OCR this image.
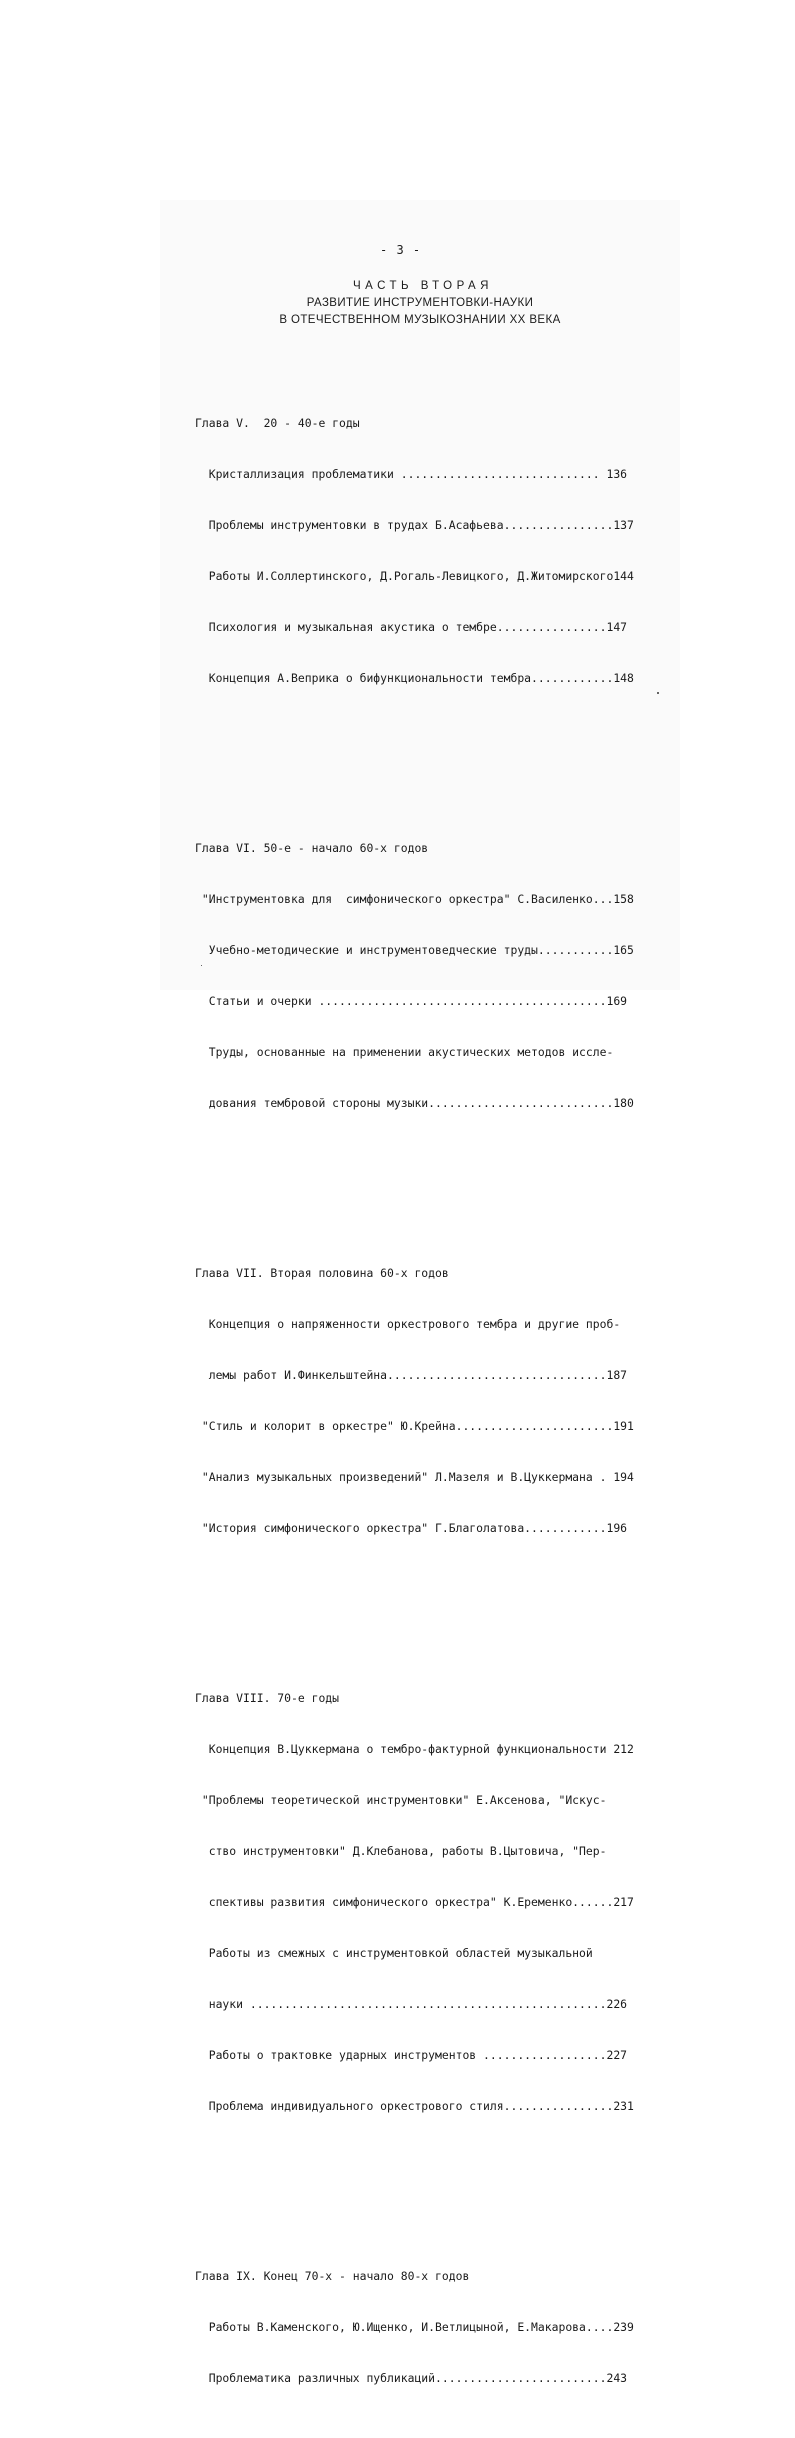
- 3 -
ЧАСТЬ ВТОРАЯ
РАЗВИТИЕ ИНСТРУМЕНТОВКИ-НАУКИ
В ОТЕЧЕСТВЕННОМ МУЗЫКОЗНАНИИ XX ВЕКА

Глава V.  20 - 40-е годы

Кристаллизация проблематики ............................. 136

Проблемы инструментовки в трудах Б.Асафьева................137

Работы И.Соллертинского, Д.Рогаль-Левицкого, Д.Житомирского144

Психология и музыкальная акустика о тембре................147

Концепция А.Веприка о бифункциональности тембра............148

Глава VI. 50-е - начало 60-х годов

"Инструментовка для  симфонического оркестра" С.Василенко...158

Учебно-методические и инструментоведческие труды...........165

Статьи и очерки ..........................................169

Труды, основанные на применении акустических методов иссле-

дования тембровой стороны музыки...........................180

Глава VII. Вторая половина 60-х годов

Концепция о напряженности оркестрового тембра и другие проб-

лемы работ И.Финкельштейна................................187

"Стиль и колорит в оркестре" Ю.Крейна.......................191

"Анализ музыкальных произведений" Л.Мазеля и В.Цуккермана . 194

"История симфонического оркестра" Г.Благолатова............196

Глава VIII. 70-е годы

Концепция В.Цуккермана о тембро-фактурной функциональности 212

"Проблемы теоретической инструментовки" Е.Аксенова, "Искус-

ство инструментовки" Д.Клебанова, работы В.Цытовича, "Пер-

спективы развития симфонического оркестра" К.Еременко......217

Работы из смежных с инструментовкой областей музыкальной

науки ....................................................226

Работы о трактовке ударных инструментов ..................227

Проблема индивидуального оркестрового стиля................231

Глава IX. Конец 70-х - начало 80-х годов

Работы В.Каменского, Ю.Ищенко, И.Ветлицыной, Е.Макарова....239

Проблематика различных публикаций.........................243
